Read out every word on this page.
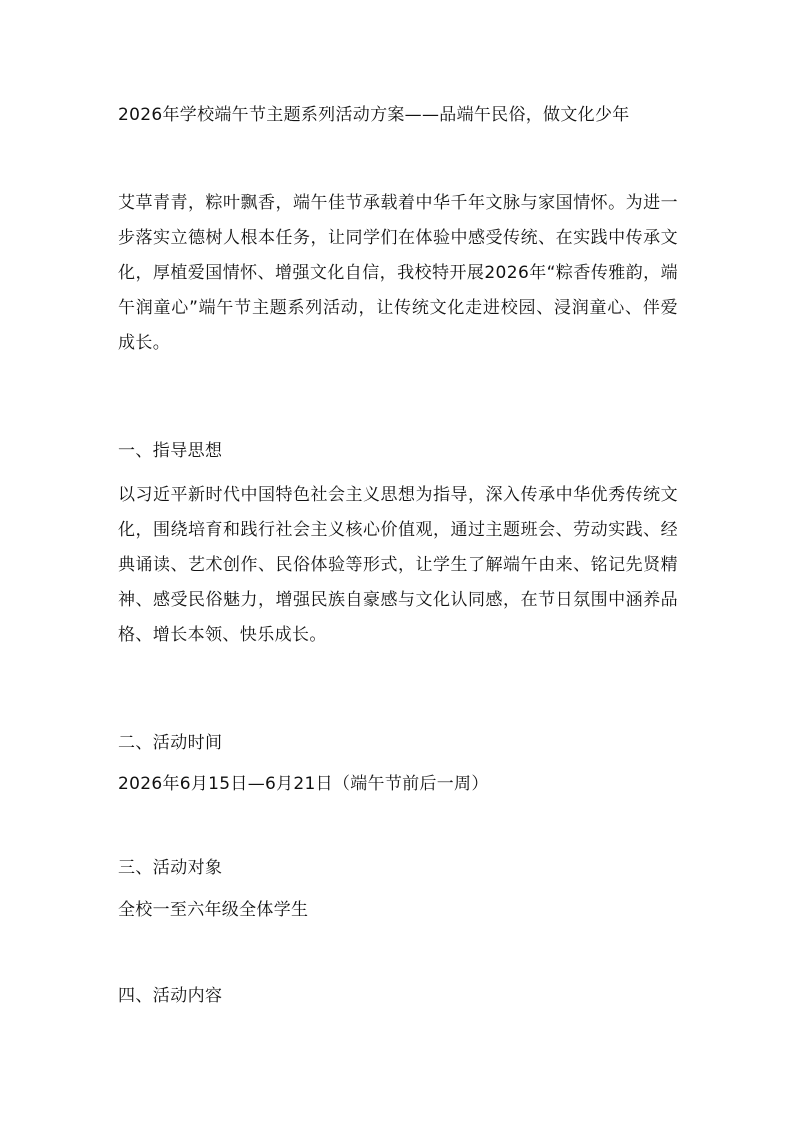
2026年学校端午节主题系列活动方案——品端午民俗，做文化少年

艾草青青，粽叶飘香，端午佳节承载着中华千年文脉与家国情怀。为进一步落实立德树人根本任务，让同学们在体验中感受传统、在实践中传承文化，厚植爱国情怀、增强文化自信，我校特开展2026年“粽香传雅韵，端午润童心”端午节主题系列活动，让传统文化走进校园、浸润童心、伴爱成长。

一、指导思想

以习近平新时代中国特色社会主义思想为指导，深入传承中华优秀传统文化，围绕培育和践行社会主义核心价值观，通过主题班会、劳动实践、经典诵读、艺术创作、民俗体验等形式，让学生了解端午由来、铭记先贤精神、感受民俗魅力，增强民族自豪感与文化认同感，在节日氛围中涵养品格、增长本领、快乐成长。

二、活动时间
2026年6月15日—6月21日（端午节前后一周）
三、活动对象
全校一至六年级全体学生
四、活动内容
